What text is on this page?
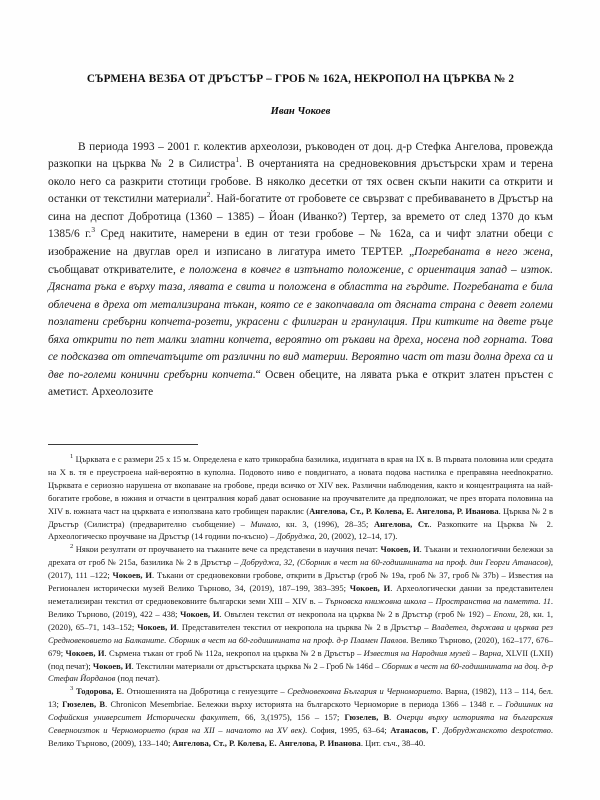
СЪРМЕНА ВЕЗБА ОТ ДРЪСТЪР – ГРОБ № 162А, НЕКРОПОЛ НА ЦЪРКВА № 2
Иван Чокоев

В периода 1993 – 2001 г. колектив археолози, ръководен от доц. д-р Стефка Ангелова, провежда разкопки на църква № 2 в Силистра$^1$. В очертанията на средновековния дръстърски храм и терена около него са разкрити стотици гробове. В няколко десетки от тях освен скъпи накити са открити и останки от текстилни материали$^2$. Най-богатите от гробовете се свързват с пребиваването в Дръстър на сина на деспот Добротица (1360 – 1385) – Йоан (Иванко?) Тертер, за времето от след 1370 до към 1385/6 г.$^3$ Сред накитите, намерени в един от тези гробове – № 162а, са и чифт златни обеци с изображение на двуглав орел и изписано в лигатура името ТЕРТЕР. „Погребаната в него жена, съобщават откривателите, е положена в ковчег в изтънато положение, с ориентация запад – изток. Дясната ръка е върху таза, лявата е свита и положена в областта на гърдите. Погребаната е била облечена в дреха от метализирана тъкан, която се е закопчавала от дясната страна с девет големи позлатени сребърни копчета-розети, украсени с филигран и гранулация. При китките на двете ръце бяха открити по пет малки златни копчета, вероятно от ръкави на дреха, носена под горната. Това се подсказва от отпечатъците от различни по вид материи. Вероятно част от тази долна дреха са и две по-големи конични сребърни копчета.“ Освен обеците, на лявата ръка е открит златен пръстен с аметист. Археолозите

$^1$ Църквата е с размери 25 х 15 м. Определена е като трикорабна базилика, издигната в края на IX в. В първата половина или средата на Х в. тя е преустроена най-вероятно в куполна. Подовото ниво е повдигнато, а новата подова настилка е преправяна неednократно. Църквата е сериозно нарушена от вкопаване на гробове, преди всичко от XIV век. Различни наблюдения, както и концентрацията на най-богатите гробове, в южния и отчасти в централния кораб дават основание на проучвателите да предположат, че през втората половина на XIV в. южната част на църквата е използвана като гробищен параклис (Ангелова, Ст., Р. Колева, Е. Ангелова, Р. Иванова. Църква № 2 в Дръстър (Силистра) (предварително съобщение) – Минало, кн. 3, (1996), 28–35; Ангелова, Ст.. Разкопките на Църква № 2. Археологическо проучване на Дръстър (14 години по-късно) – Добруджа, 20, (2002), 12–14, 17).

$^2$ Някои резултати от проучването на тъканите вече са представени в научния печат: Чокоев, И. Тъкани и технологични бележки за дрехата от гроб № 215а, базилика № 2 в Дръстър – Добруджа, 32, (Сборник в чест на 60-годишнината на проф. дин Георги Атанасов), (2017), 111 –122; Чокоев, И. Тъкани от средновековни гробове, открити в Дръстър (гроб № 19а, гроб № 37, гроб № 37b) – Известия на Регионален исторически музей Велико Търново, 34, (2019), 187–199, 383–395; Чокоев, И. Археологически данни за представителен неметализиран текстил от средновековните български земи XIII – XIV в. – Търновска книжовна школа – Пространства на паметта. 11. Велико Търново, (2019), 422 – 438; Чокоев, И. Овъглен текстил от некропола на църква № 2 в Дръстър (гроб № 192) – Епохи, 28, кн. 1, (2020), 65–71, 143–152; Чокоев, И. Представителен текстил от некропола на църква № 2 в Дръстър – Владетел, държава и църква рез Средновековието на Балканите. Сборник в чест на 60-годишнината на проф. д-р Пламен Павлов. Велико Търново, (2020), 162–177, 676–679; Чокоев, И. Сърмена тъкан от гроб № 112а, некропол на църква № 2 в Дръстър – Известия на Народния музей – Варна, XLVII (LXII) (под печат); Чокоев, И. Текстилни материали от дръстърската църква № 2 – Гроб № 146d – Сборник в чест на 60-годишнината на доц. д-р Стефан Йорданов (под печат).

$^3$ Тодорова, Е. Отношенията на Добротица с генуезците – Средновековна България и Черноморието. Варна, (1982), 113 – 114, бел. 13; Гюзелев, В. Chronicon Mesembriae. Бележки върху историята на българското Черноморие в периода 1366 – 1348 г. – Годишник на Софийския университет Исторически факултет, 66, 3,(1975), 156 – 157; Гюзелев, В. Очерци върху историята на българския Северноизток и Черноморието (края на XII – началото на XV век). София, 1995, 63–64; Атанасов, Г. Добруджанското despotство. Велико Търново, (2009), 133–140; Ангелова, Ст., Р. Колева, Е. Ангелова, Р. Иванова. Цит. съч., 38–40.
